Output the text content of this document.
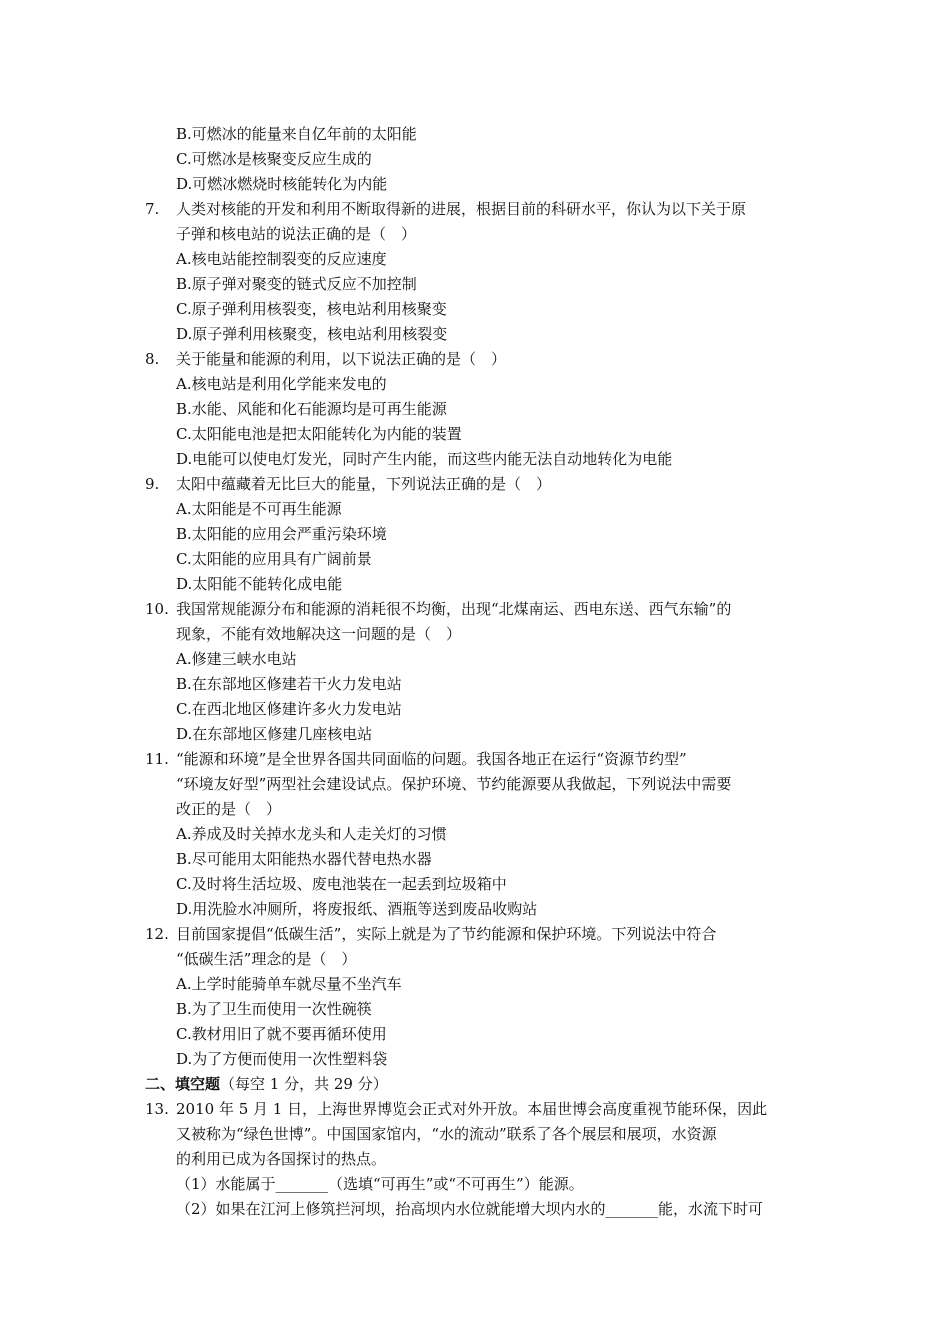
B.可燃冰的能量来自亿年前的太阳能

C.可燃冰是核聚变反应生成的

D.可燃冰燃烧时核能转化为内能

7.	人类对核能的开发和利用不断取得新的进展，根据目前的科研水平，你认为以下关于原

子弹和核电站的说法正确的是（　）

A.核电站能控制裂变的反应速度

B.原子弹对聚变的链式反应不加控制

C.原子弹利用核裂变，核电站利用核聚变

D.原子弹利用核聚变，核电站利用核裂变

8.	关于能量和能源的利用，以下说法正确的是（　）

A.核电站是利用化学能来发电的

B.水能、风能和化石能源均是可再生能源

C.太阳能电池是把太阳能转化为内能的装置

D.电能可以使电灯发光，同时产生内能，而这些内能无法自动地转化为电能

9.	太阳中蕴藏着无比巨大的能量，下列说法正确的是（　）

A.太阳能是不可再生能源

B.太阳能的应用会严重污染环境

C.太阳能的应用具有广阔前景

D.太阳能不能转化成电能

10. 我国常规能源分布和能源的消耗很不均衡，出现“北煤南运、西电东送、西气东输”的

现象，不能有效地解决这一问题的是（　）

A.修建三峡水电站

B.在东部地区修建若干火力发电站

C.在西北地区修建许多火力发电站

D.在东部地区修建几座核电站

11. “能源和环境”是全世界各国共同面临的问题。我国各地正在运行“资源节约型”

“环境友好型”两型社会建设试点。保护环境、节约能源要从我做起，下列说法中需要

改正的是（　）

A.养成及时关掉水龙头和人走关灯的习惯

B.尽可能用太阳能热水器代替电热水器

C.及时将生活垃圾、废电池装在一起丢到垃圾箱中

D.用洗脸水冲厕所，将废报纸、酒瓶等送到废品收购站

12. 目前国家提倡“低碳生活”，实际上就是为了节约能源和保护环境。下列说法中符合

“低碳生活”理念的是（　）

A.上学时能骑单车就尽量不坐汽车

B.为了卫生而使用一次性碗筷

C.教材用旧了就不要再循环使用

D.为了方便而使用一次性塑料袋

二、填空题（每空 1 分，共 29 分）
13. 2010 年 5 月 1 日，上海世界博览会正式对外开放。本届世博会高度重视节能环保，因此

又被称为“绿色世博”。中国国家馆内，“水的流动”联系了各个展层和展项，水资源

的利用已成为各国探讨的热点。

（1）水能属于_______（选填“可再生”或“不可再生”）能源。

（2）如果在江河上修筑拦河坝，抬高坝内水位就能增大坝内水的_______能，水流下时可
